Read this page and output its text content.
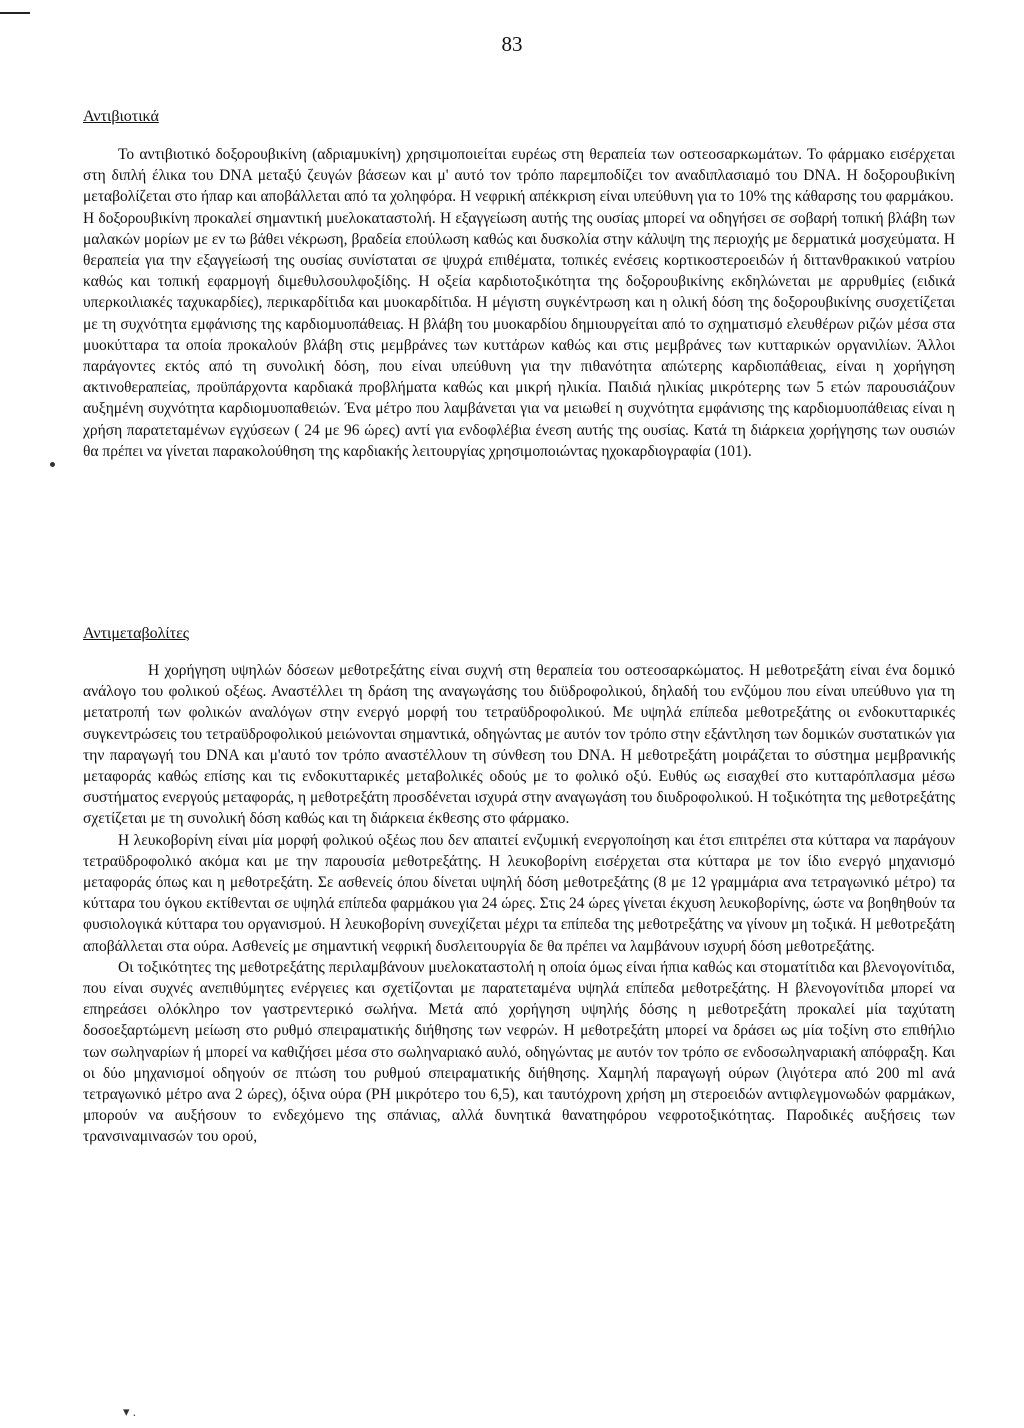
83
Αντιβιοτικά

Το αντιβιοτικό δοξορουβικίνη (αδριαμυκίνη) χρησιμοποιείται ευρέως στη θεραπεία των οστεοσαρκωμάτων. Το φάρμακο εισέρχεται στη διπλή έλικα του DNA μεταξύ ζευγών βάσεων και μ' αυτό τον τρόπο παρεμποδίζει τον αναδιπλασιαμό του DNA. Η δοξορουβικίνη μεταβολίζεται στο ήπαρ και αποβάλλεται από τα χοληφόρα. Η νεφρική απέκκριση είναι υπεύθυνη για το 10% της κάθαρσης του φαρμάκου.

Η δοξορουβικίνη προκαλεί σημαντική μυελοκαταστολή. Η εξαγγείωση αυτής της ουσίας μπορεί να οδηγήσει σε σοβαρή τοπική βλάβη των μαλακών μορίων με εν τω βάθει νέκρωση, βραδεία επούλωση καθώς και δυσκολία στην κάλυψη της περιοχής με δερματικά μοσχεύματα. Η θεραπεία για την εξαγγείωσή της ουσίας συνίσταται σε ψυχρά επιθέματα, τοπικές ενέσεις κορτικοστεροειδών ή διττανθρακικού νατρίου καθώς και τοπική εφαρμογή διμεθυλσουλφοξίδης. Η οξεία καρδιοτοξικότητα της δοξορουβικίνης εκδηλώνεται με αρρυθμίες (ειδικά υπερκοιλιακές ταχυκαρδίες), περικαρδίτιδα και μυοκαρδίτιδα. Η μέγιστη συγκέντρωση και η ολική δόση της δοξορουβικίνης συσχετίζεται με τη συχνότητα εμφάνισης της καρδιομυοπάθειας. Η βλάβη του μυοκαρδίου δημιουργείται από το σχηματισμό ελευθέρων ριζών μέσα στα μυοκύτταρα τα οποία προκαλούν βλάβη στις μεμβράνες των κυττάρων καθώς και στις μεμβράνες των κυτταρικών οργανιλίων. Άλλοι παράγοντες εκτός από τη συνολική δόση, που είναι υπεύθυνη για την πιθανότητα απώτερης καρδιοπάθειας, είναι η χορήγηση ακτινοθεραπείας, προϋπάρχοντα καρδιακά προβλήματα καθώς και μικρή ηλικία. Παιδιά ηλικίας μικρότερης των 5 ετών παρουσιάζουν αυξημένη συχνότητα καρδιομυοπαθειών. Ένα μέτρο που λαμβάνεται για να μειωθεί η συχνότητα εμφάνισης της καρδιομυοπάθειας είναι η χρήση παρατεταμένων εγχύσεων ( 24 με 96 ώρες) αντί για ενδοφλέβια ένεση αυτής της ουσίας. Κατά τη διάρκεια χορήγησης των ουσιών θα πρέπει να γίνεται παρακολούθηση της καρδιακής λειτουργίας χρησιμοποιώντας ηχοκαρδιογραφία (101).

Αντιμεταβολίτες

Η χορήγηση υψηλών δόσεων μεθοτρεξάτης είναι συχνή στη θεραπεία του οστεοσαρκώματος. Η μεθοτρεξάτη είναι ένα δομικό ανάλογο του φολικού οξέως. Αναστέλλει τη δράση της αναγωγάσης του διϋδροφολικού, δηλαδή του ενζύμου που είναι υπεύθυνο για τη μετατροπή των φολικών αναλόγων στην ενεργό μορφή του τετραϋδροφολικού. Με υψηλά επίπεδα μεθοτρεξάτης οι ενδοκυτταρικές συγκεντρώσεις του τετραϋδροφολικού μειώνονται σημαντικά, οδηγώντας με αυτόν τον τρόπο στην εξάντληση των δομικών συστατικών για την παραγωγή του DNA και μ'αυτό τον τρόπο αναστέλλουν τη σύνθεση του DNA. Η μεθοτρεξάτη μοιράζεται το σύστημα μεμβρανικής μεταφοράς καθώς επίσης και τις ενδοκυτταρικές μεταβολικές οδούς με το φολικό οξύ. Ευθύς ως εισαχθεί στο κυτταρόπλασμα μέσω συστήματος ενεργούς μεταφοράς, η μεθοτρεξάτη προσδένεται ισχυρά στην αναγωγάση του διυδροφολικού. Η τοξικότητα της μεθοτρεξάτης σχετίζεται με τη συνολική δόση καθώς και τη διάρκεια έκθεσης στο φάρμακο.

Η λευκοβορίνη είναι μία μορφή φολικού οξέως που δεν απαιτεί ενζυμική ενεργοποίηση και έτσι επιτρέπει στα κύτταρα να παράγουν τετραϋδροφολικό ακόμα και με την παρουσία μεθοτρεξάτης. Η λευκοβορίνη εισέρχεται στα κύτταρα με τον ίδιο ενεργό μηχανισμό μεταφοράς όπως και η μεθοτρεξάτη. Σε ασθενείς όπου δίνεται υψηλή δόση μεθοτρεξάτης (8 με 12 γραμμάρια ανα τετραγωνικό μέτρο) τα κύτταρα του όγκου εκτίθενται σε υψηλά επίπεδα φαρμάκου για 24 ώρες. Στις 24 ώρες γίνεται έκχυση λευκοβορίνης, ώστε να βοηθηθούν τα φυσιολογικά κύτταρα του οργανισμού. Η λευκοβορίνη συνεχίζεται μέχρι τα επίπεδα της μεθοτρεξάτης να γίνουν μη τοξικά. Η μεθοτρεξάτη αποβάλλεται στα ούρα. Ασθενείς με σημαντική νεφρική δυσλειτουργία δε θα πρέπει να λαμβάνουν ισχυρή δόση μεθοτρεξάτης.

Οι τοξικότητες της μεθοτρεξάτης περιλαμβάνουν μυελοκαταστολή η οποία όμως είναι ήπια καθώς και στοματίτιδα και βλενογονίτιδα, που είναι συχνές ανεπιθύμητες ενέργειες και σχετίζονται με παρατεταμένα υψηλά επίπεδα μεθοτρεξάτης. Η βλενογονίτιδα μπορεί να επηρεάσει ολόκληρο τον γαστρεντερικό σωλήνα. Μετά από χορήγηση υψηλής δόσης η μεθοτρεξάτη προκαλεί μία ταχύτατη δοσοεξαρτώμενη μείωση στο ρυθμό σπειραματικής διήθησης των νεφρών. Η μεθοτρεξάτη μπορεί να δράσει ως μία τοξίνη στο επιθήλιο των σωληναρίων ή μπορεί να καθιζήσει μέσα στο σωληναριακό αυλό, οδηγώντας με αυτόν τον τρόπο σε ενδοσωληναριακή απόφραξη. Και οι δύο μηχανισμοί οδηγούν σε πτώση του ρυθμού σπειραματικής διήθησης. Χαμηλή παραγωγή ούρων (λιγότερα από 200 ml ανά τετραγωνικό μέτρο ανα 2 ώρες), όξινα ούρα (PH μικρότερο του 6,5), και ταυτόχρονη χρήση μη στεροειδών αντιφλεγμονωδών φαρμάκων, μπορούν να αυξήσουν το ενδεχόμενο της σπάνιας, αλλά δυνητικά θανατηφόρου νεφροτοξικότητας. Παροδικές αυξήσεις των τρανσιναμινασών του ορού,

▾ .
